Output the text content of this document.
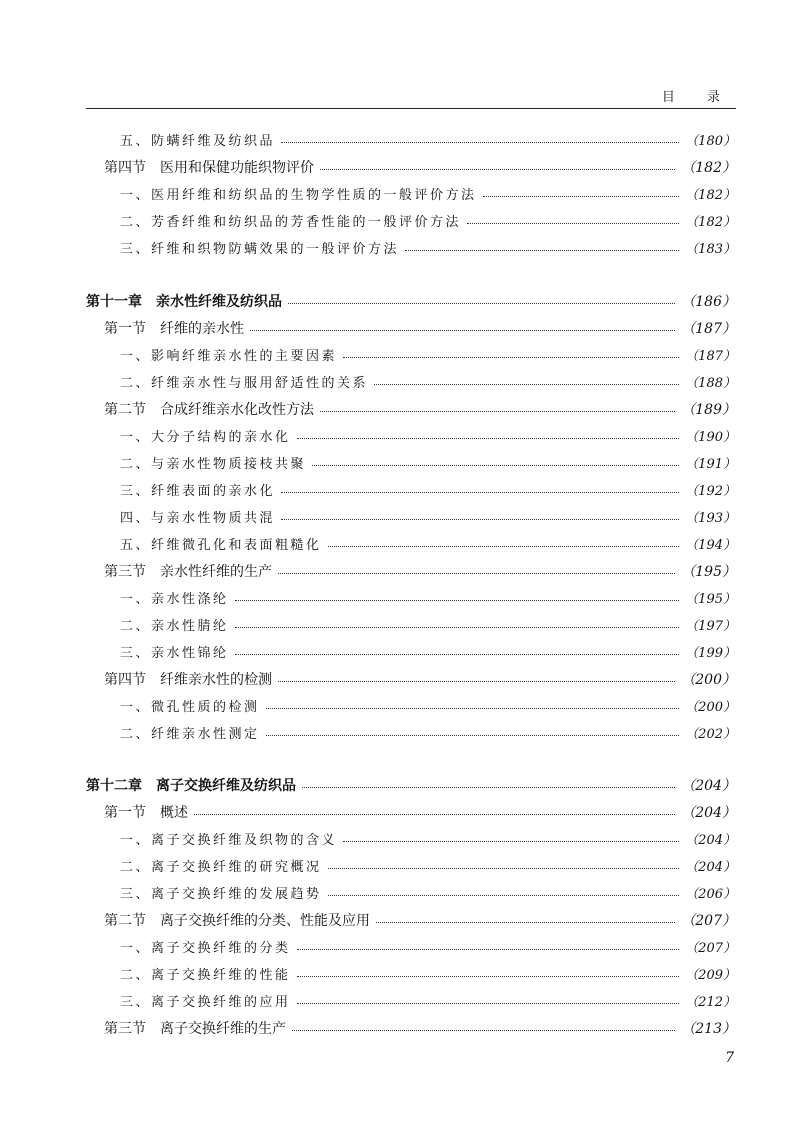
目 录
五、防螨纤维及纺织品	（180）
第四节　医用和保健功能织物评价	（182）
一、医用纤维和纺织品的生物学性质的一般评价方法	（182）
二、芳香纤维和纺织品的芳香性能的一般评价方法	（182）
三、纤维和织物防螨效果的一般评价方法	（183）
第十一章　亲水性纤维及纺织品	（186）
第一节　纤维的亲水性	（187）
一、影响纤维亲水性的主要因素	（187）
二、纤维亲水性与服用舒适性的关系	（188）
第二节　合成纤维亲水化改性方法	（189）
一、大分子结构的亲水化	（190）
二、与亲水性物质接枝共聚	（191）
三、纤维表面的亲水化	（192）
四、与亲水性物质共混	（193）
五、纤维微孔化和表面粗糙化	（194）
第三节　亲水性纤维的生产	（195）
一、亲水性涤纶	（195）
二、亲水性腈纶	（197）
三、亲水性锦纶	（199）
第四节　纤维亲水性的检测	（200）
一、微孔性质的检测	（200）
二、纤维亲水性测定	（202）
第十二章　离子交换纤维及纺织品	（204）
第一节　概述	（204）
一、离子交换纤维及织物的含义	（204）
二、离子交换纤维的研究概况	（204）
三、离子交换纤维的发展趋势	（206）
第二节　离子交换纤维的分类、性能及应用	（207）
一、离子交换纤维的分类	（207）
二、离子交换纤维的性能	（209）
三、离子交换纤维的应用	（212）
第三节　离子交换纤维的生产	（213）
7
